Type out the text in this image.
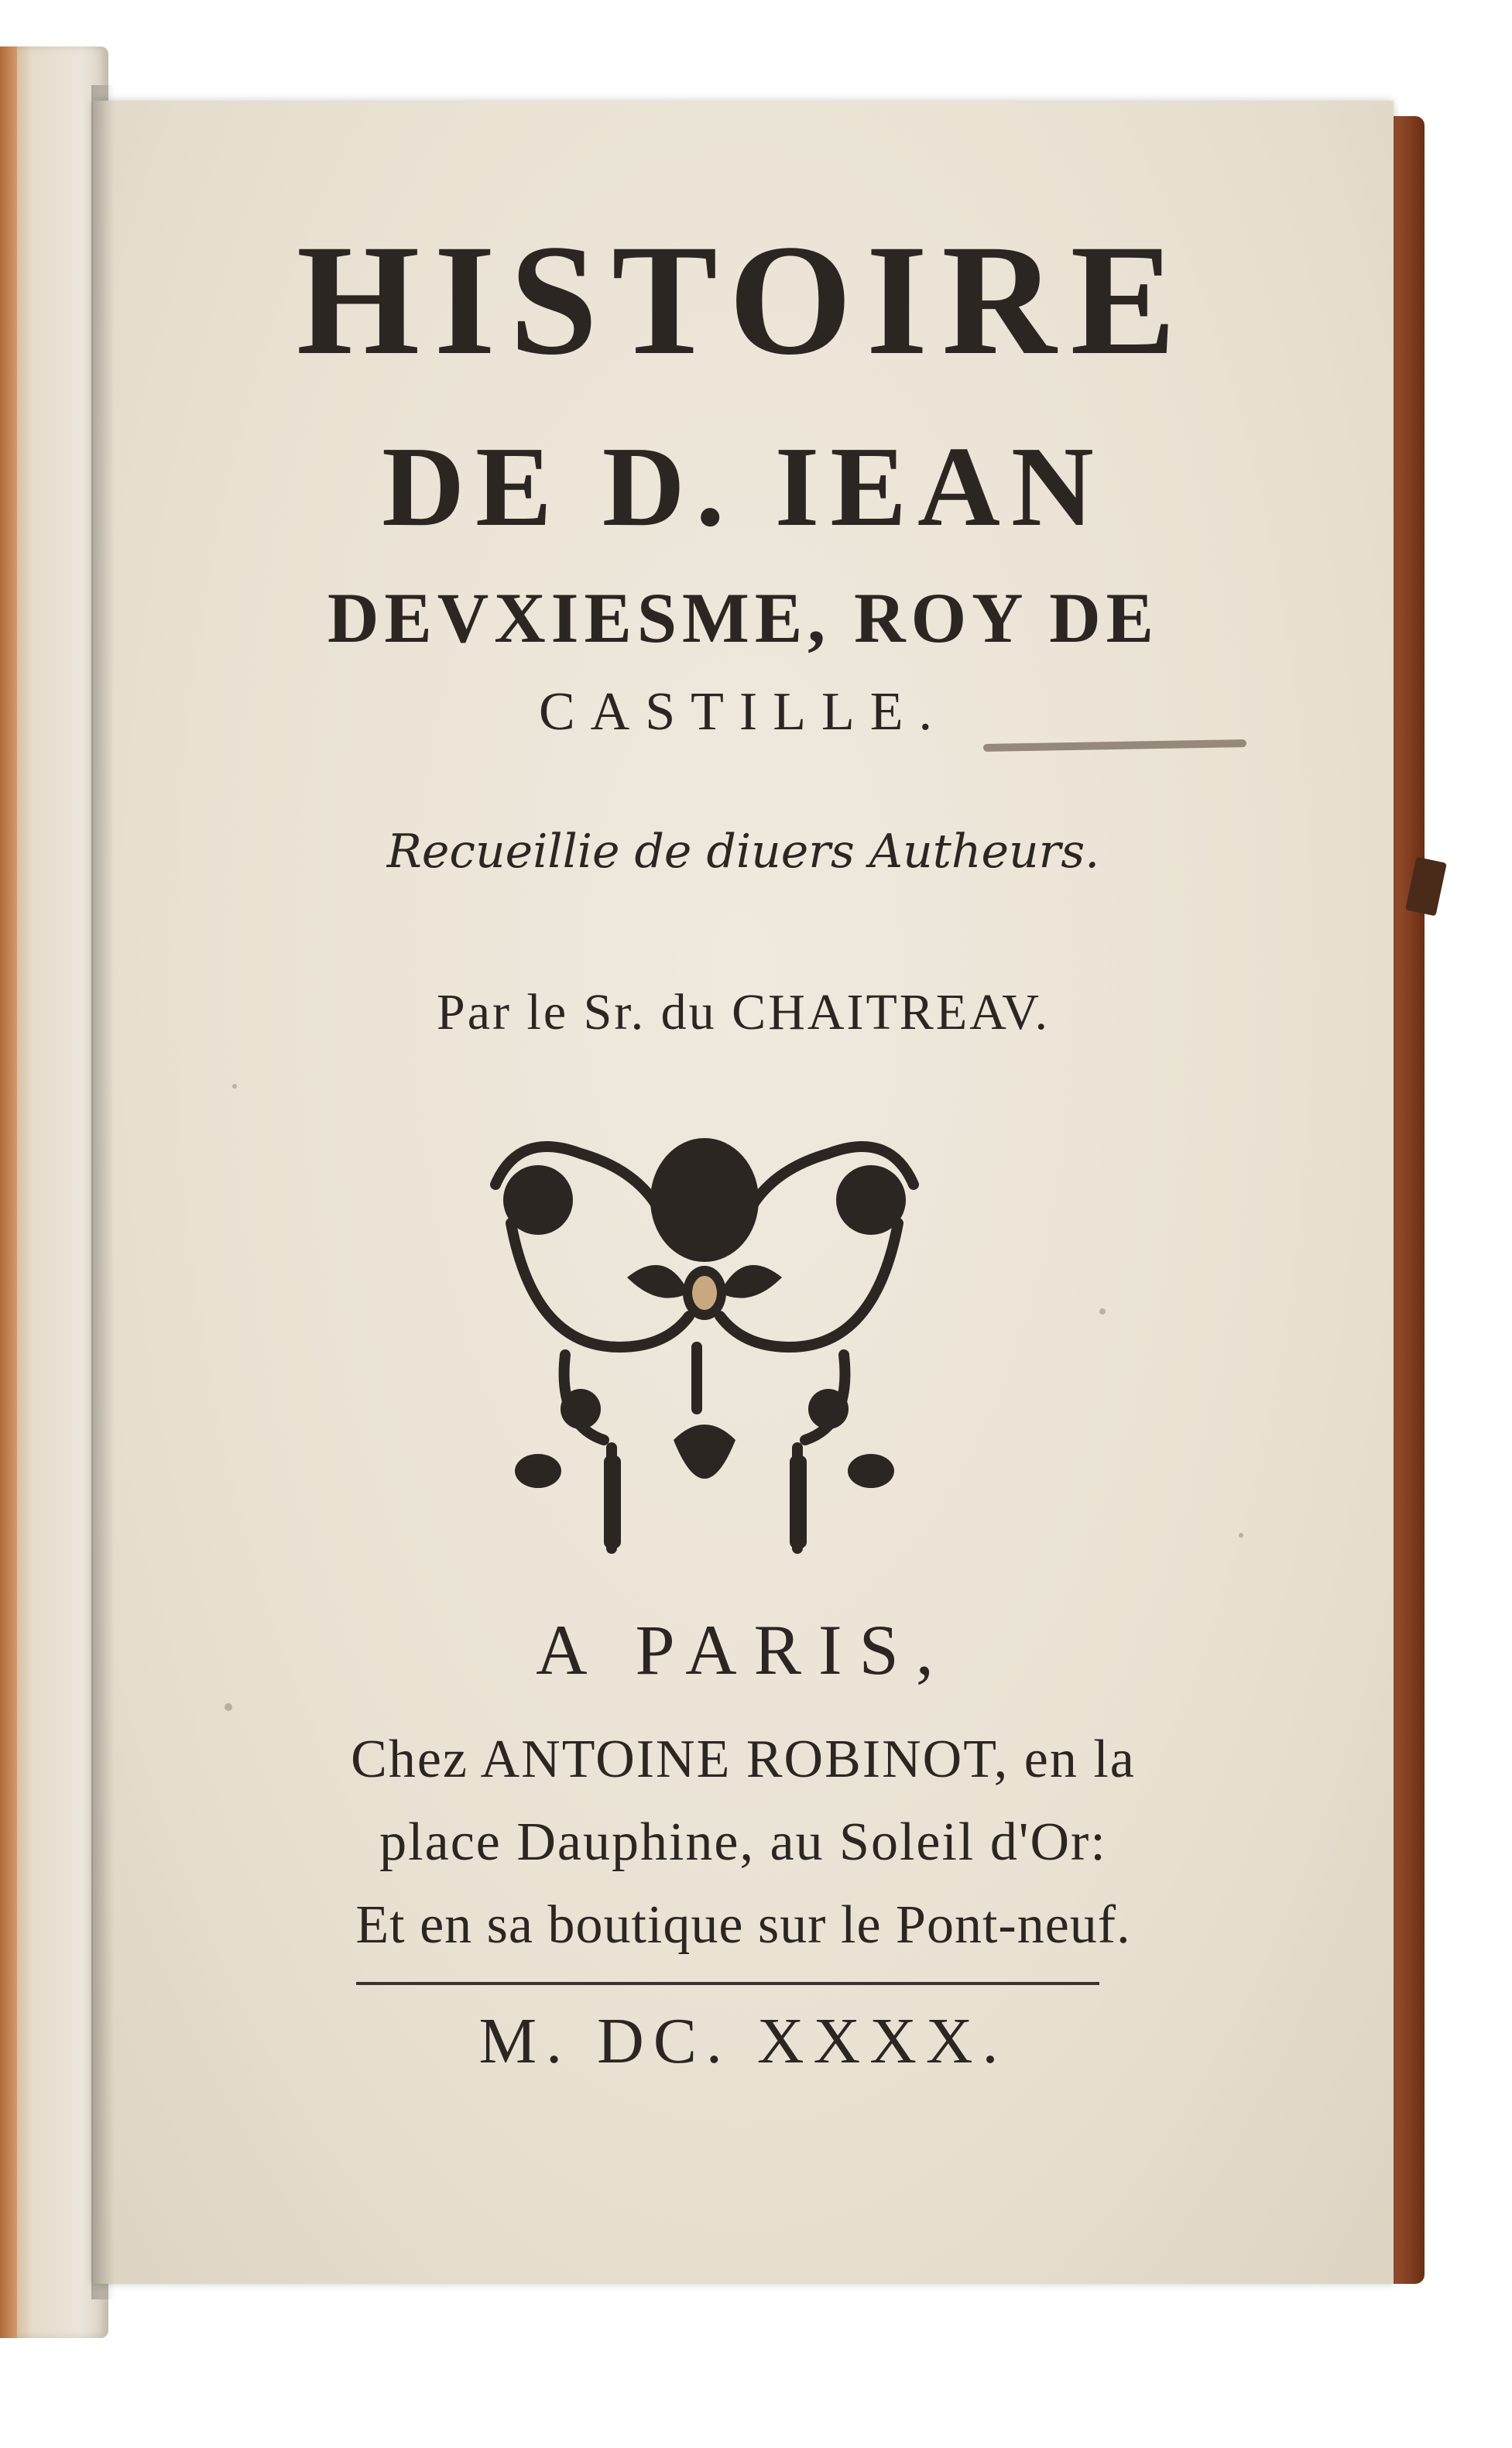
HISTOIRE
DE D. IEAN
DEVXIESME, ROY DE
CASTILLE.
Recueillie de diuers Autheurs.
Par le Sr. du CHAITREAV.
A PARIS,
Chez ANTOINE ROBINOT, en la
place Dauphine, au Soleil d'Or:
Et en sa boutique sur le Pont-neuf.
M. DC. XXXX.
